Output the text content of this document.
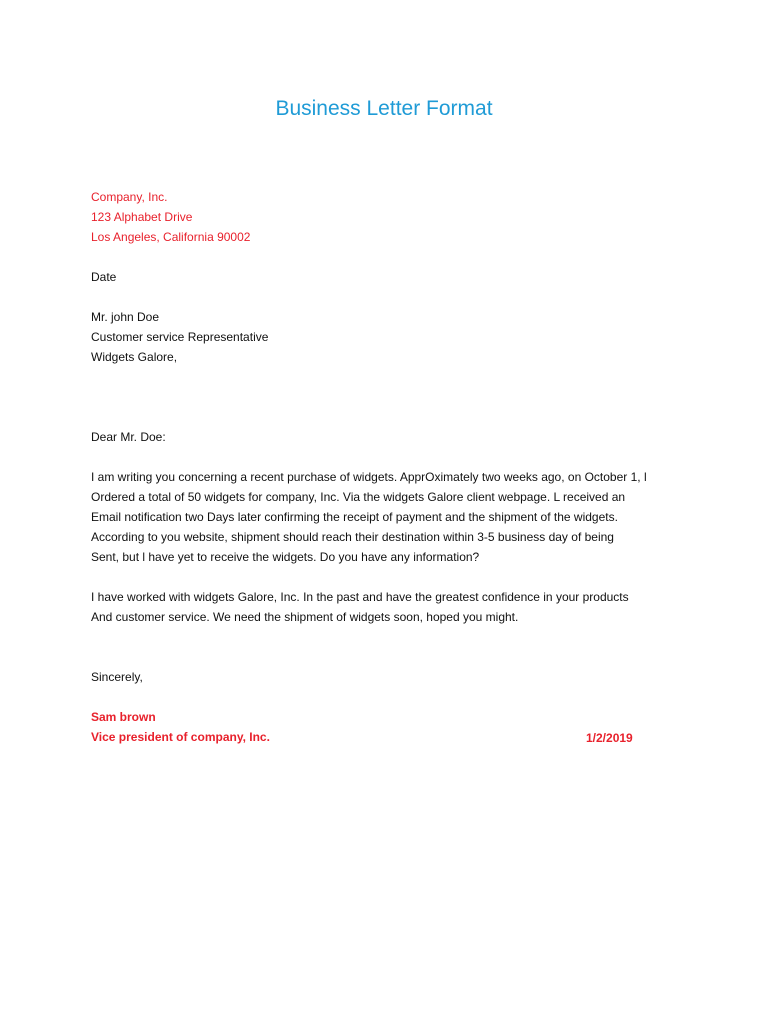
Business Letter Format
Company, Inc.
123 Alphabet Drive
Los Angeles, California 90002
Date
Mr. john Doe
Customer service Representative
Widgets Galore,
Dear Mr. Doe:
I am writing you concerning a recent purchase of widgets. ApprOximately two weeks ago, on October 1, l
Ordered a total of 50 widgets for company, Inc. Via the widgets Galore client webpage. L received an
Email notification two Days later confirming the receipt of payment and the shipment of the widgets.
According to you website, shipment should reach their destination within 3-5 business day of being
Sent, but l have yet to receive the widgets. Do you have any information?
I have worked with widgets Galore, Inc. In the past and have the greatest confidence in your products
And customer service. We need the shipment of widgets soon, hoped you might.
Sincerely,
Sam brown
Vice president of company, Inc.	1/2/2019
